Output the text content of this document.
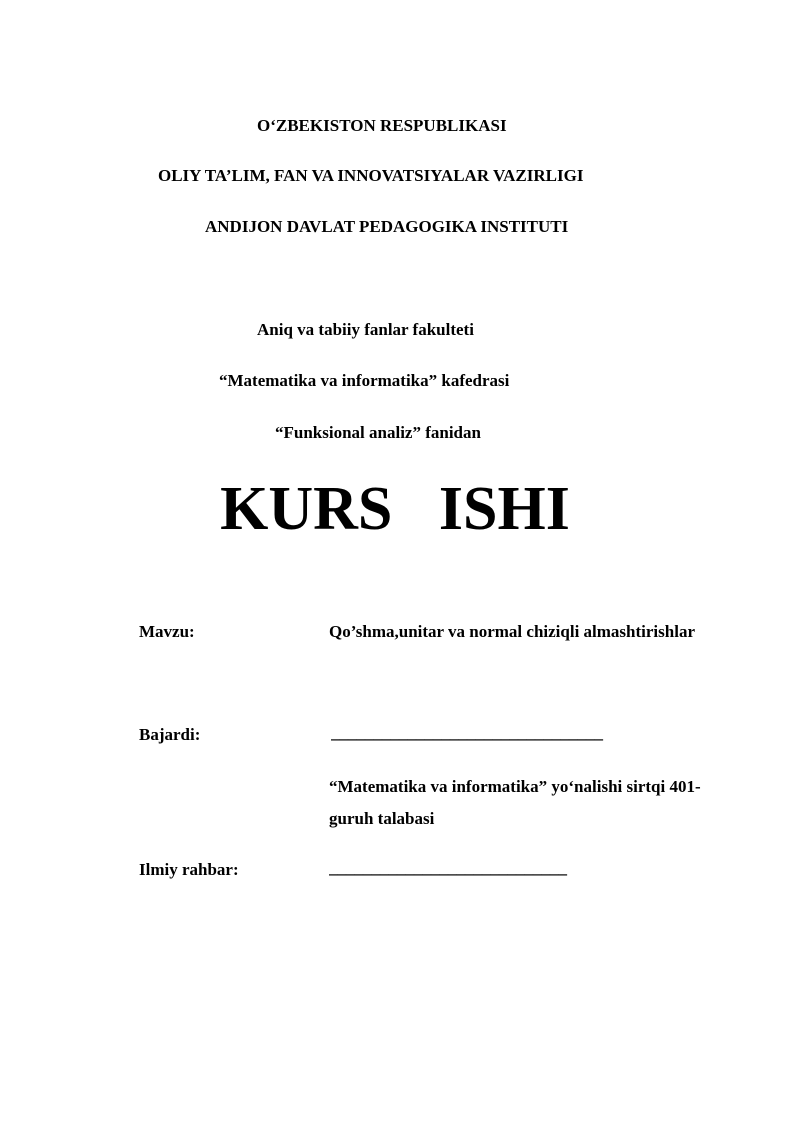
O‘ZBEKISTON RESPUBLIKASI
OLIY TA’LIM, FAN VA INNOVATSIYALAR VAZIRLIGI
ANDIJON DAVLAT PEDAGOGIKA INSTITUTI
Aniq va tabiiy fanlar fakulteti
“Matematika va informatika” kafedrasi
“Funksional analiz” fanidan
KURS   ISHI
Mavzu:	Qo’shma,unitar va normal chiziqli almashtirishlar
Bajardi:	________________________________
“Matematika va informatika” yo‘nalishi sirtqi 401-
guruh talabasi
Ilmiy rahbar:	____________________________
